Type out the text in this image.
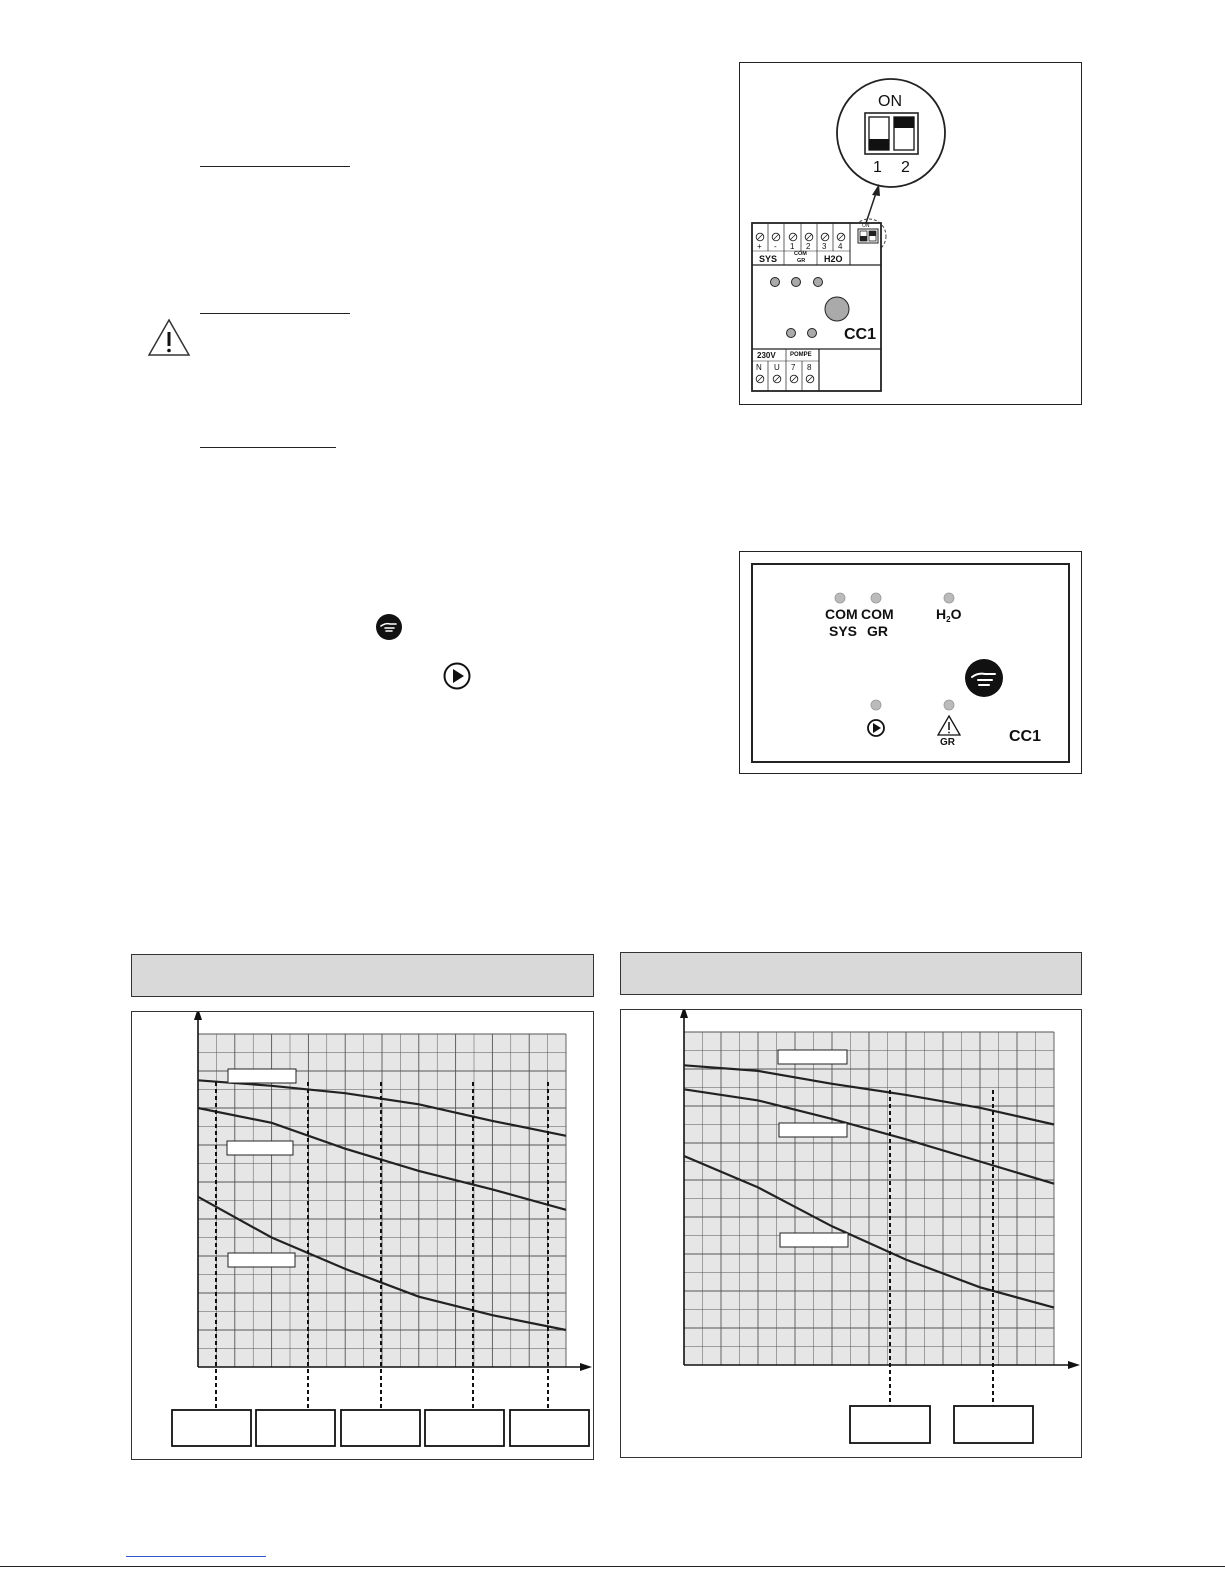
ON
1 2
ON
+ - 1 2 3 4
SYS	COM
GR H2O
CC1
230V POMPE
N U 7 8
COM
SYS
COM
GR
$H_2O$
GR	CC1
